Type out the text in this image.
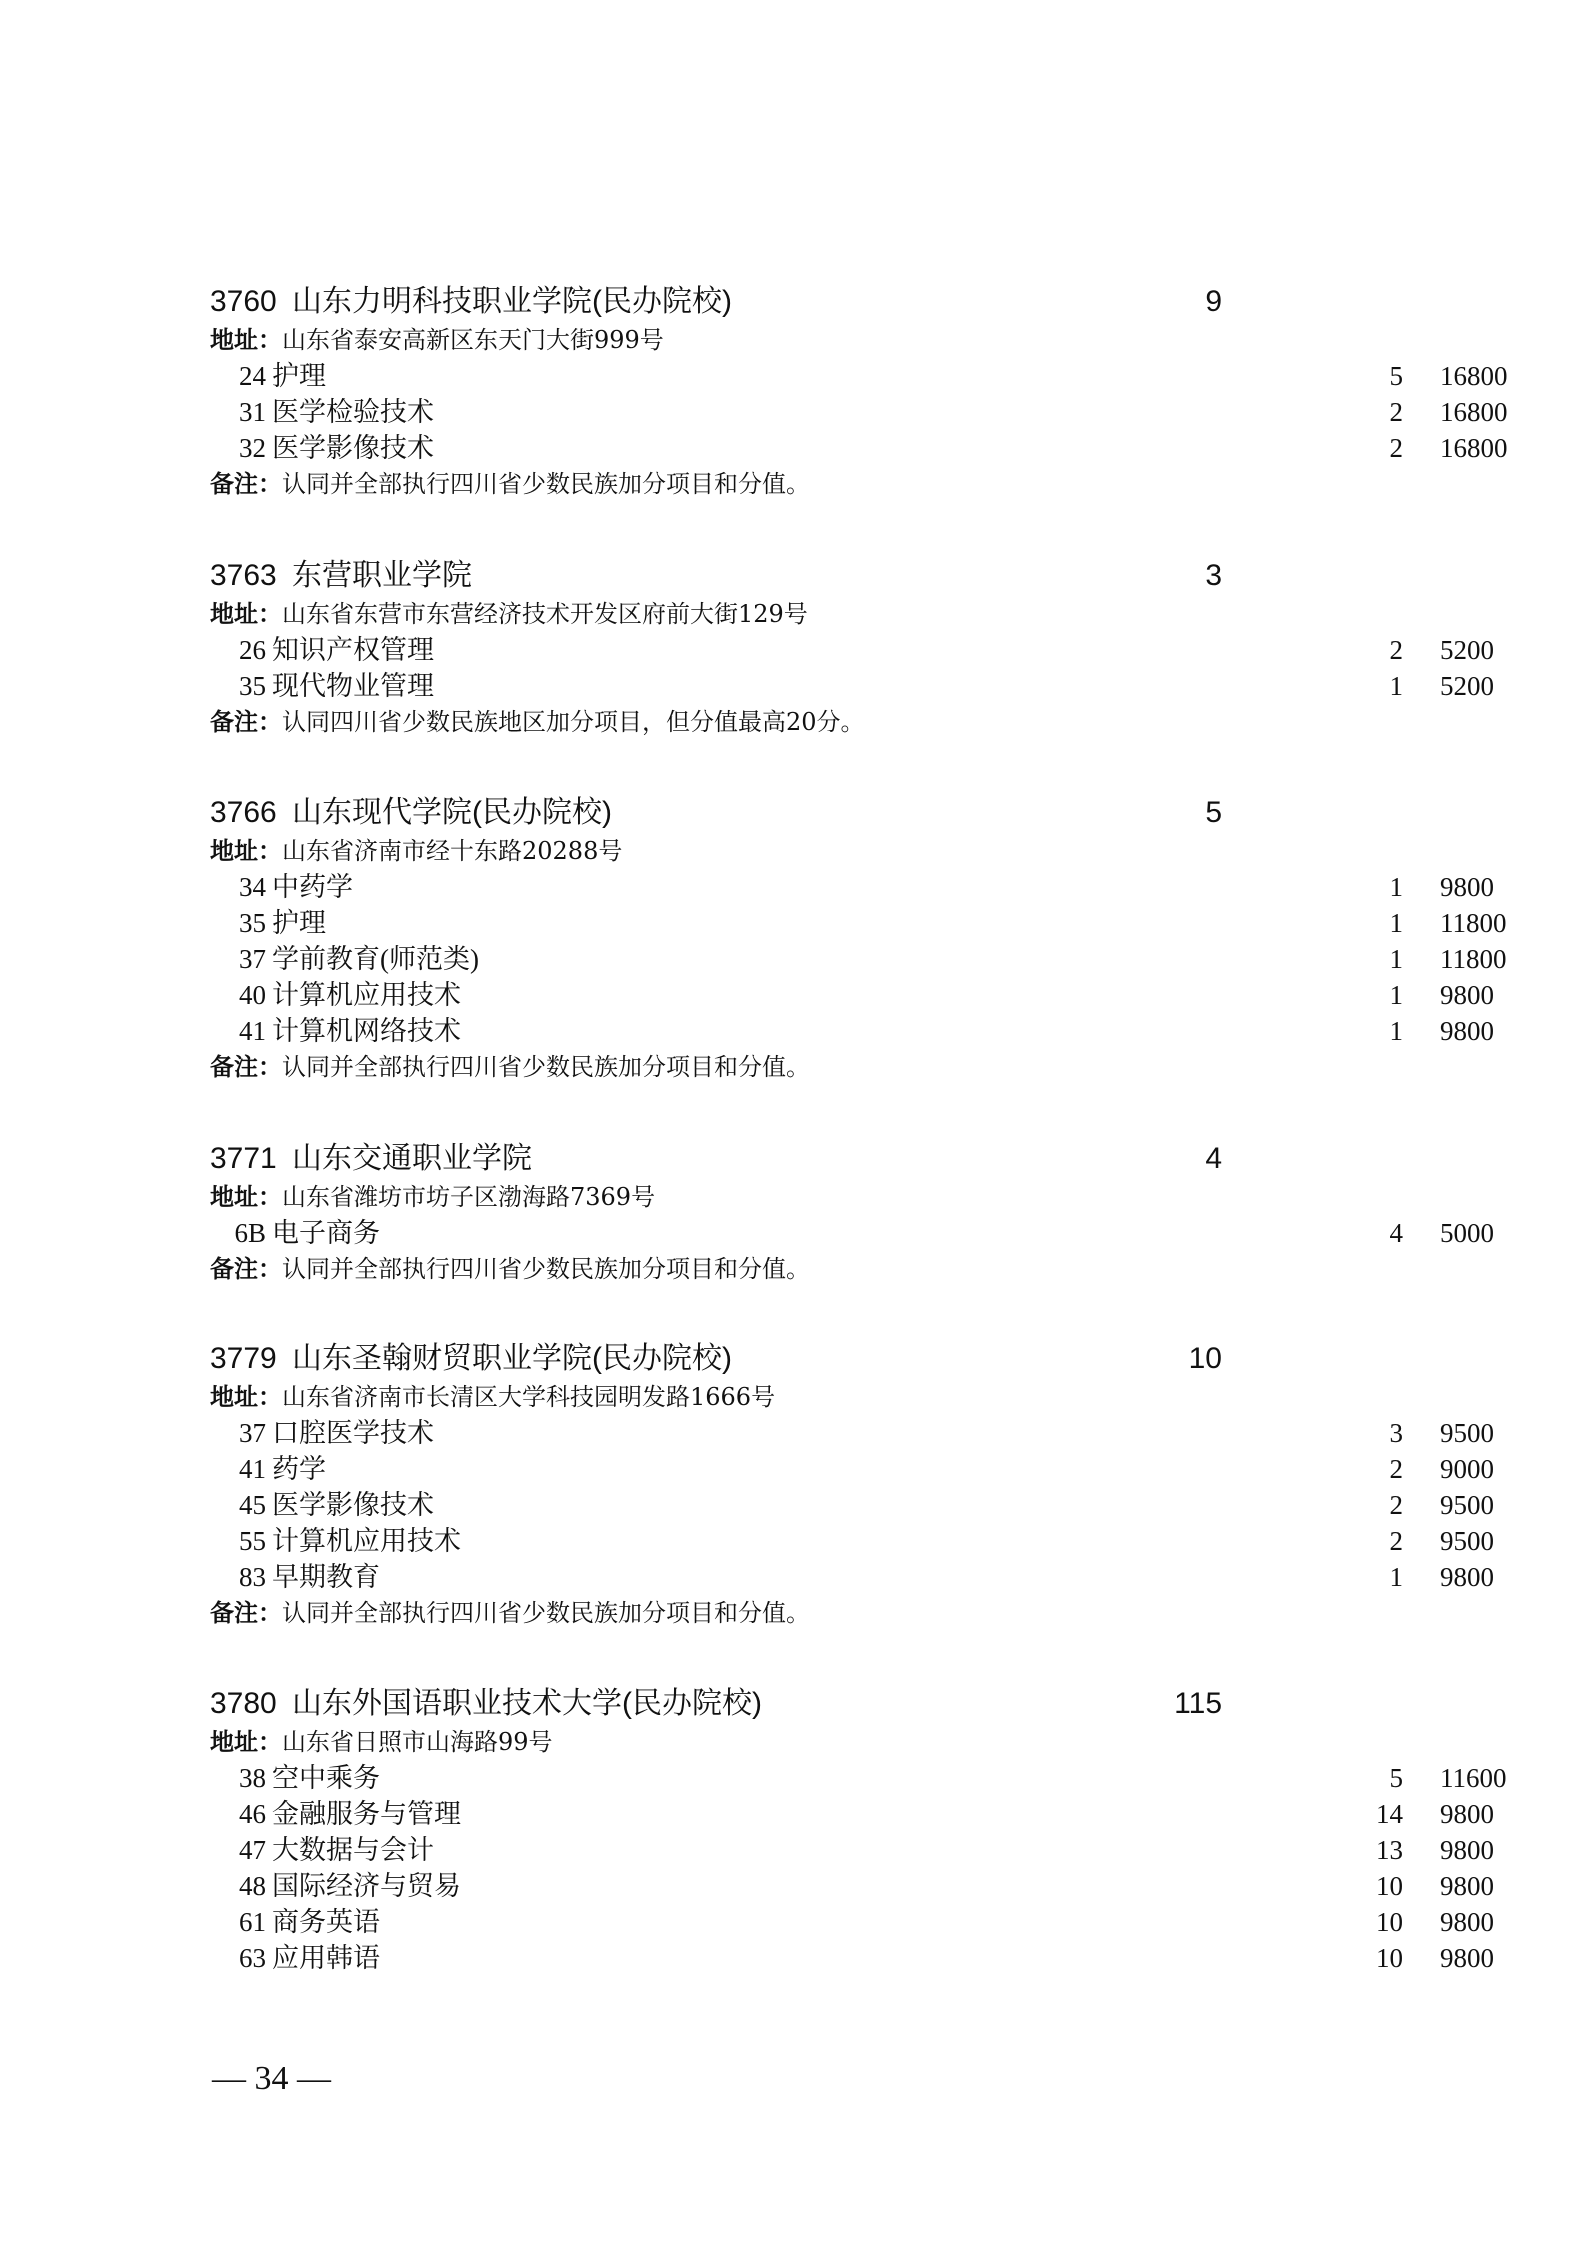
3760 山东力明科技职业学院(民办院校)	9
地址：山东省泰安高新区东天门大街999号
24 护理	5 16800
31 医学检验技术	2 16800
32 医学影像技术	2 16800
备注：认同并全部执行四川省少数民族加分项目和分值。
3763 东营职业学院	3
地址：山东省东营市东营经济技术开发区府前大街129号
26 知识产权管理	2 5200
35 现代物业管理	1 5200
备注：认同四川省少数民族地区加分项目，但分值最高20分。
3766 山东现代学院(民办院校)	5
地址：山东省济南市经十东路20288号
34 中药学	1 9800
35 护理	1 11800
37 学前教育(师范类)	1 11800
40 计算机应用技术	1 9800
41 计算机网络技术	1 9800
备注：认同并全部执行四川省少数民族加分项目和分值。
3771 山东交通职业学院	4
地址：山东省潍坊市坊子区渤海路7369号
6B 电子商务	4 5000
备注：认同并全部执行四川省少数民族加分项目和分值。
3779 山东圣翰财贸职业学院(民办院校)	10
地址：山东省济南市长清区大学科技园明发路1666号
37 口腔医学技术	3 9500
41 药学	2 9000
45 医学影像技术	2 9500
55 计算机应用技术	2 9500
83 早期教育	1 9800
备注：认同并全部执行四川省少数民族加分项目和分值。
3780 山东外国语职业技术大学(民办院校)	115
地址：山东省日照市山海路99号
38 空中乘务	5 11600
46 金融服务与管理	14 9800
47 大数据与会计	13 9800
48 国际经济与贸易	10 9800
61 商务英语	10 9800
63 应用韩语	10 9800
— 34 —
